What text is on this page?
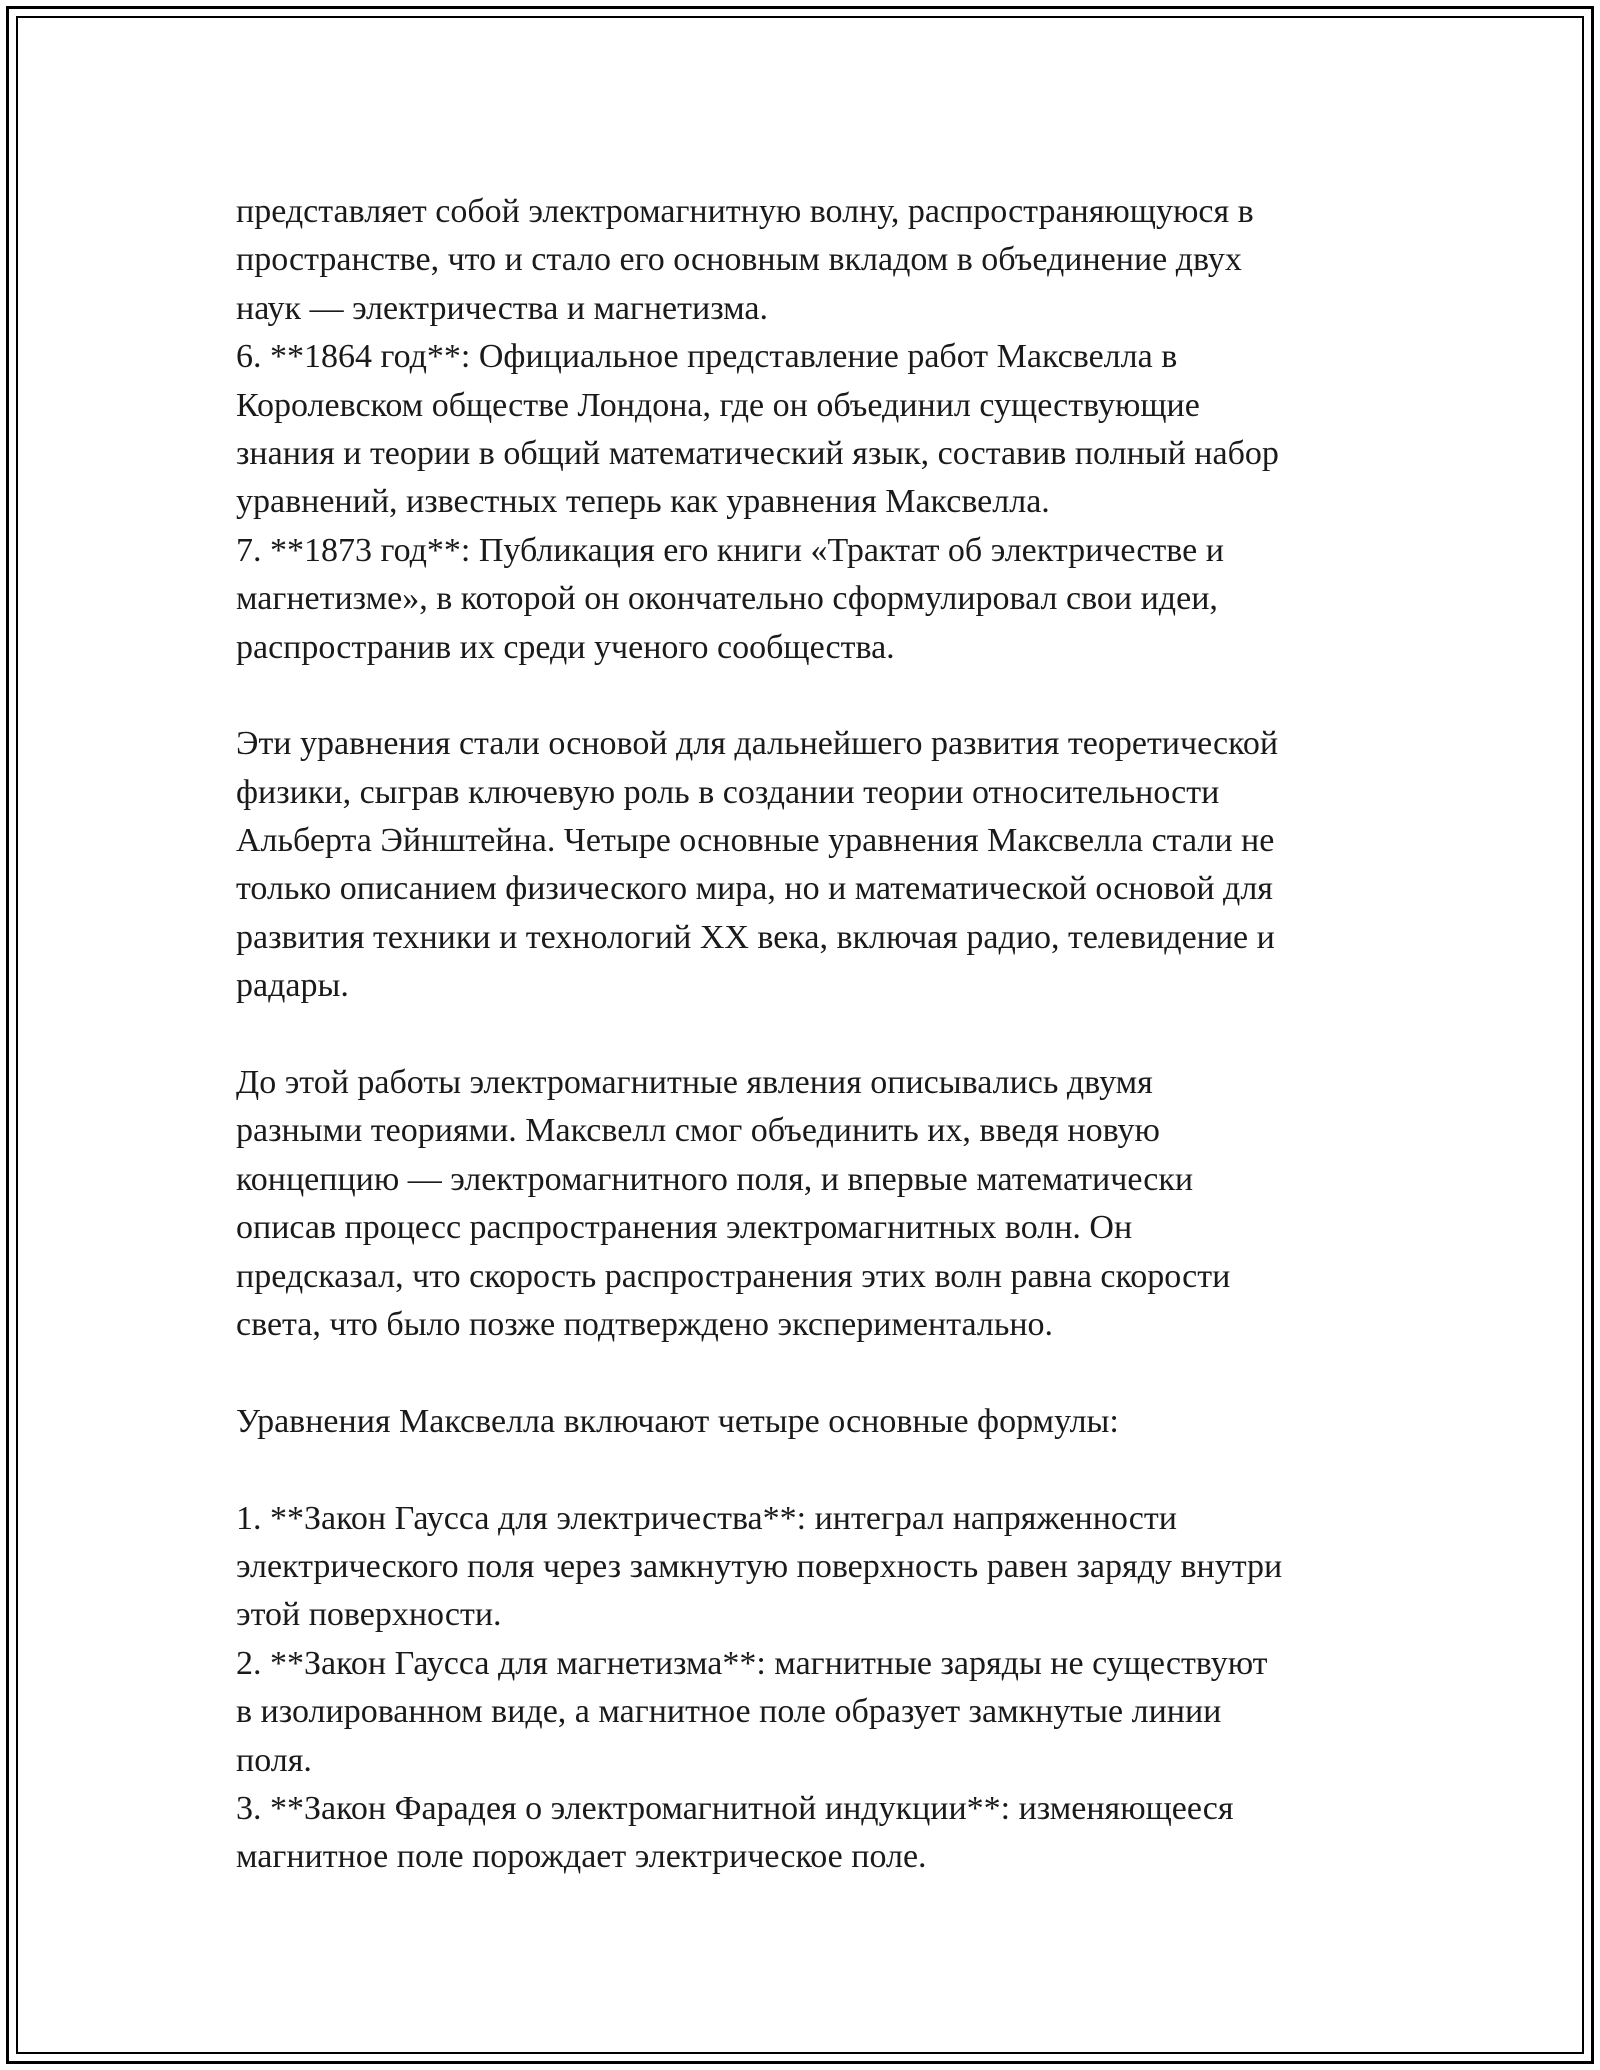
представляет собой электромагнитную волну, распространяющуюся в
пространстве, что и стало его основным вкладом в объединение двух
наук — электричества и магнетизма.
6. **1864 год**: Официальное представление работ Максвелла в
Королевском обществе Лондона, где он объединил существующие
знания и теории в общий математический язык, составив полный набор
уравнений, известных теперь как уравнения Максвелла.
7. **1873 год**: Публикация его книги «Трактат об электричестве и
магнетизме», в которой он окончательно сформулировал свои идеи,
распространив их среди ученого сообщества.
Эти уравнения стали основой для дальнейшего развития теоретической
физики, сыграв ключевую роль в создании теории относительности
Альберта Эйнштейна. Четыре основные уравнения Максвелла стали не
только описанием физического мира, но и математической основой для
развития техники и технологий XX века, включая радио, телевидение и
радары.
До этой работы электромагнитные явления описывались двумя
разными теориями. Максвелл смог объединить их, введя новую
концепцию — электромагнитного поля, и впервые математически
описав процесс распространения электромагнитных волн. Он
предсказал, что скорость распространения этих волн равна скорости
света, что было позже подтверждено экспериментально.
Уравнения Максвелла включают четыре основные формулы:
1. **Закон Гаусса для электричества**: интеграл напряженности
электрического поля через замкнутую поверхность равен заряду внутри
этой поверхности.
2. **Закон Гаусса для магнетизма**: магнитные заряды не существуют
в изолированном виде, а магнитное поле образует замкнутые линии
поля.
3. **Закон Фарадея о электромагнитной индукции**: изменяющееся
магнитное поле порождает электрическое поле.
